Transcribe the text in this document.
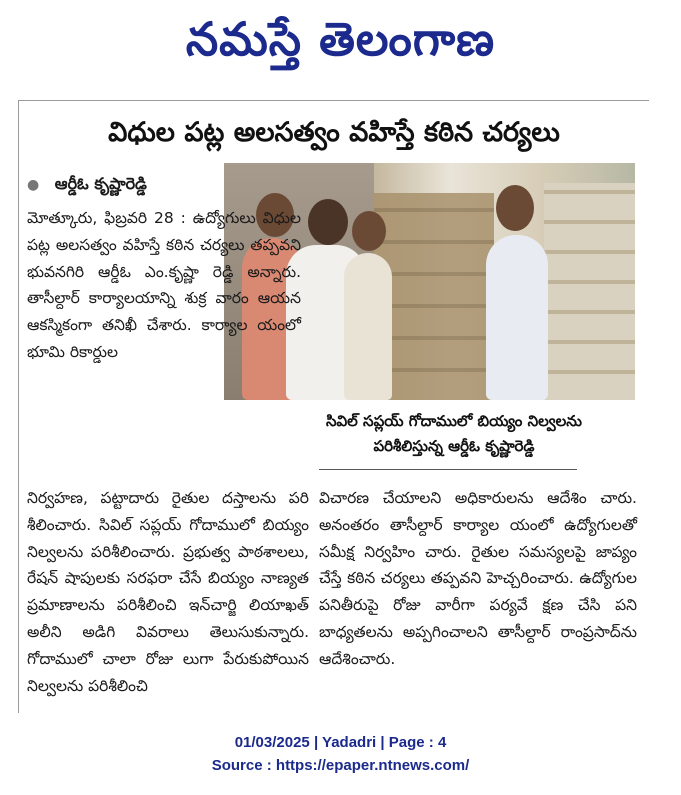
నమస్తే తెలంగాణ
విధుల పట్ల అలసత్వం వహిస్తే కఠిన చర్యలు
● ఆర్డీఓ కృష్ణారెడ్డి
సివిల్ సప్లయ్ గోదాములో బియ్యం నిల్వలను
పరిశీలిస్తున్న ఆర్డీఓ కృష్ణారెడ్డి
మోత్కూరు, ఫిబ్రవరి 28 : ఉద్యోగులు విధుల పట్ల అలసత్వం వహిస్తే కఠిన చర్యలు తప్పవని భువనగిరి ఆర్డీఓ ఎం.కృష్ణా రెడ్డి అన్నారు. తాసీల్దార్ కార్యాలయాన్ని శుక్ర వారం ఆయన ఆకస్మికంగా తనిఖీ చేశారు. కార్యాల యంలో భూమి రికార్డుల
నిర్వహణ, పట్టాదారు రైతుల దస్తాలను పరి శీలించారు. సివిల్ సప్లయ్ గోదాములో బియ్యం నిల్వలను పరిశీలించారు. ప్రభుత్వ పాఠశాలలు, రేషన్ షాపులకు సరఫరా చేసే బియ్యం నాణ్యత ప్రమాణాలను పరిశీలించి ఇన్‌చార్జి లియాఖత్ అలీని అడిగి వివరాలు తెలుసుకున్నారు. గోదాములో చాలా రోజు లుగా పేరుకుపోయిన నిల్వలను పరిశీలించి
విచారణ చేయాలని అధికారులను ఆదేశిం చారు. అనంతరం తాసీల్దార్ కార్యాల యంలో ఉద్యోగులతో సమీక్ష నిర్వహిం చారు. రైతుల సమస్యలపై జాప్యం చేస్తే కఠిన చర్యలు తప్పవని హెచ్చరించారు. ఉద్యోగుల పనితీరుపై రోజు వారీగా పర్యవే క్షణ చేసి పని బాధ్యతలను అప్పగించాలని తాసీల్దార్ రాంప్రసాద్‌ను ఆదేశించారు.
01/03/2025 | Yadadri | Page : 4
Source : https://epaper.ntnews.com/
